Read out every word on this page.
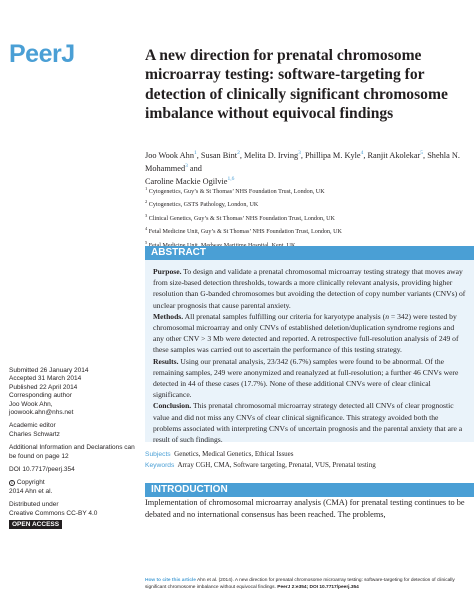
PeerJ	A new direction for prenatal chromosome microarray testing: software-targeting for detection of clinically significant chromosome imbalance without equivocal findings
Joo Wook Ahn$^1$, Susan Bint$^2$, Melita D. Irving$^3$, Phillipa M. Kyle$^4$, Ranjit Akolekar$^5$, Shehla N. Mohammed$^3$ and
Caroline Mackie Ogilvie$^{1,6}$
$^1$ Cytogenetics, Guy’s & St Thomas’ NHS Foundation Trust, London, UK
$^2$ Cytogenetics, GSTS Pathology, London, UK
$^3$ Clinical Genetics, Guy’s & St Thomas’ NHS Foundation Trust, London, UK
$^4$ Fetal Medicine Unit, Guy’s & St Thomas’ NHS Foundation Trust, London, UK
$^5$
ABSTRACT

Purpose. To design and validate a prenatal chromosomal microarray testing strategy that moves away from size-based detection thresholds, towards a more clinically relevant analysis, providing higher resolution than G-banded chromosomes but avoiding the detection of copy number variants (CNVs) of unclear prognosis that cause parental anxiety.

Methods. All prenatal samples fulfilling our criteria for karyotype analysis (n = 342) were tested by chromosomal microarray and only CNVs of established deletion/duplication syndrome regions and any other CNV > 3 Mb were detected and reported. A retrospective full-resolution analysis of 249 of these samples was carried out to ascertain the performance of this testing strategy.

Results. Using our prenatal analysis, 23/342 (6.7%) samples were found to be abnormal. Of the remaining samples, 249 were anonymized and reanalyzed at full-resolution; a further 46 CNVs were detected in 44 of these cases (17.7%). None of these additional CNVs were of clear clinical significance.

Conclusion. This prenatal chromosomal microarray strategy detected all CNVs of clear prognostic value and did not miss any CNVs of clear clinical significance. This strategy avoided both the problems associated with interpreting CNVs of uncertain prognosis and the parental anxiety that are a result of such findings.

Subjects Genetics, Medical Genetics, Ethical Issues
Keywords Array CGH, CMA, Software targeting, Prenatal, VUS, Prenatal testing
INTRODUCTION

Implementation of chromosomal microarray analysis (CMA) for prenatal testing continues to be debated and no international consensus has been reached. The problems,

Submitted 26 January 2014
Accepted 31 March 2014
Published 22 April 2014
Corresponding author
Joo Wook Ahn,
joowook.ahn@nhs.net
Academic editor
Charles Schwartz
Additional Information and Declarations can be found on page 12
DOI 10.7717/peerj.354
c Copyright
2014 Ahn et al.
Distributed under
Creative Commons CC-BY 4.0
OPEN ACCESS
How to cite this article Ahn et al. (2014). A new direction for prenatal chromosome microarray testing: software-targeting for detection of clinically significant chromosome imbalance without equivocal findings. PeerJ 2:e354; DOI 10.7717/peerj.354
